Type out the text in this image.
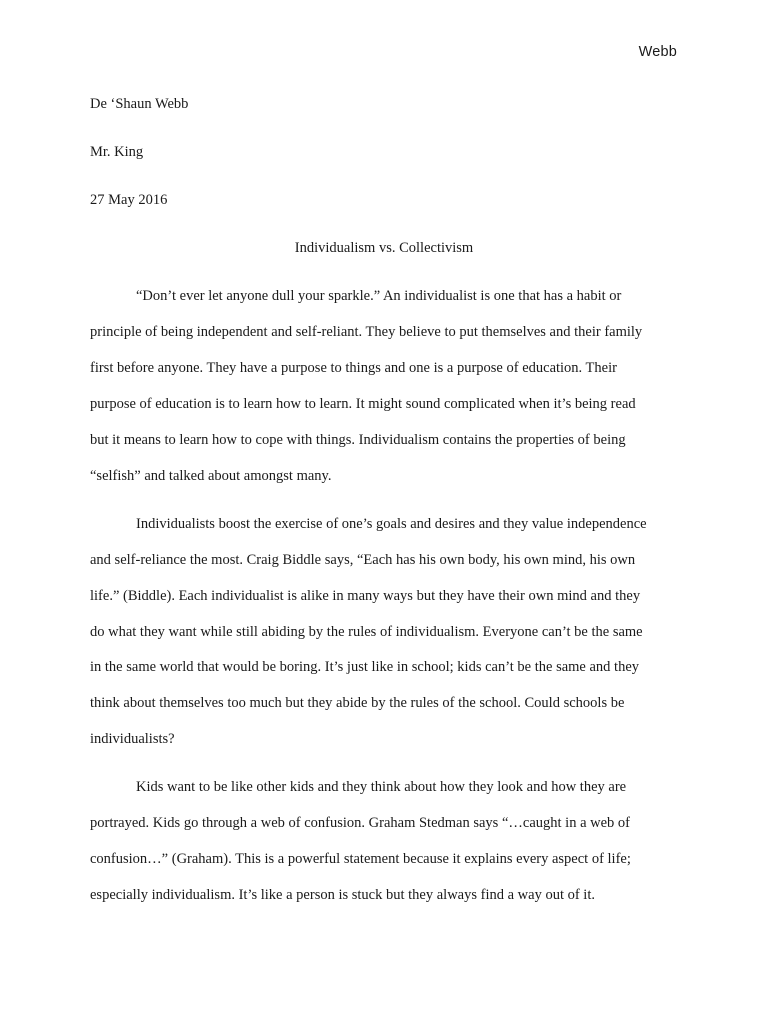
Webb
De ‘Shaun Webb
Mr. King
27 May 2016
Individualism vs. Collectivism
“Don’t ever let anyone dull your sparkle.” An individualist is one that has a habit or
principle of being independent and self-reliant. They believe to put themselves and their family
first before anyone. They have a purpose to things and one is a purpose of education. Their
purpose of education is to learn how to learn. It might sound complicated when it’s being read
but it means to learn how to cope with things. Individualism contains the properties of being
“selfish” and talked about amongst many.
Individualists boost the exercise of one’s goals and desires and they value independence
and self-reliance the most. Craig Biddle says, “Each has his own body, his own mind, his own
life.” (Biddle). Each individualist is alike in many ways but they have their own mind and they
do what they want while still abiding by the rules of individualism. Everyone can’t be the same
in the same world that would be boring. It’s just like in school; kids can’t be the same and they
think about themselves too much but they abide by the rules of the school. Could schools be
individualists?
Kids want to be like other kids and they think about how they look and how they are
portrayed. Kids go through a web of confusion. Graham Stedman says “…caught in a web of
confusion…” (Graham). This is a powerful statement because it explains every aspect of life;
especially individualism. It’s like a person is stuck but they always find a way out of it.
